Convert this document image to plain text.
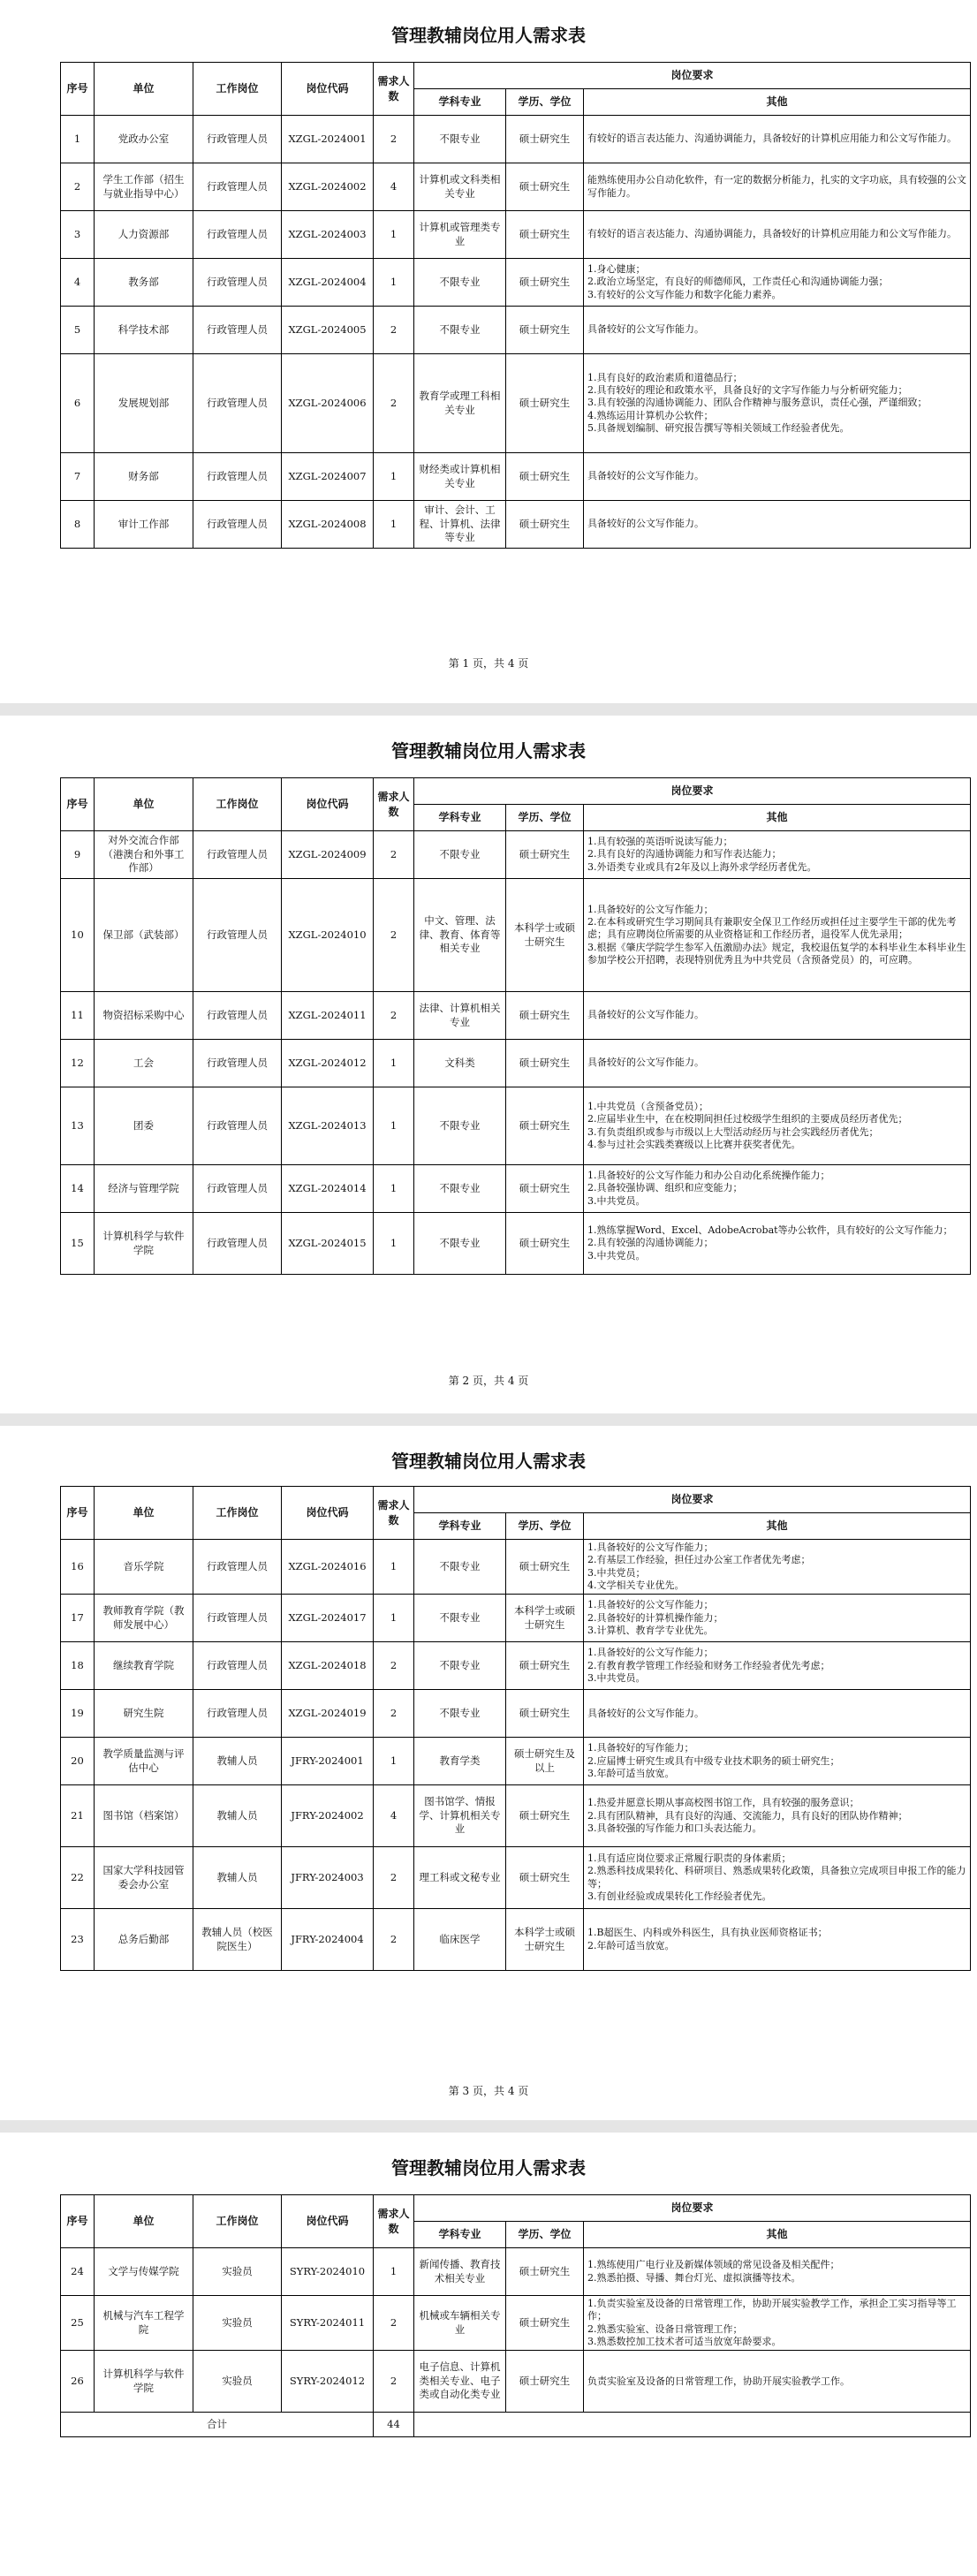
管理教辅岗位用人需求表
序号	单位	工作岗位	岗位代码	需求人数	岗位要求		
					学科专业	学历、学位	其他
1	党政办公室	行政管理人员	XZGL-2024001	2	不限专业	硕士研究生	有较好的语言表达能力、沟通协调能力，具备较好的计算机应用能力和公文写作能力。
2	学生工作部（招生与就业指导中心）	行政管理人员	XZGL-2024002	4	计算机或文科类相关专业	硕士研究生	能熟练使用办公自动化软件，有一定的数据分析能力，扎实的文字功底，具有较强的公文写作能力。
3	人力资源部	行政管理人员	XZGL-2024003	1	计算机或管理类专业	硕士研究生	有较好的语言表达能力、沟通协调能力，具备较好的计算机应用能力和公文写作能力。
4	教务部	行政管理人员	XZGL-2024004	1	不限专业	硕士研究生	1.身心健康；
2.政治立场坚定，有良好的师德师风，工作责任心和沟通协调能力强；
3.有较好的公文写作能力和数字化能力素养。
5	科学技术部	行政管理人员	XZGL-2024005	2	不限专业	硕士研究生	具备较好的公文写作能力。
6	发展规划部	行政管理人员	XZGL-2024006	2	教育学或理工科相关专业	硕士研究生	1.具有良好的政治素质和道德品行；
2.具有较好的理论和政策水平，具备良好的文字写作能力与分析研究能力；
3.具有较强的沟通协调能力、团队合作精神与服务意识，责任心强，严谨细致；
4.熟练运用计算机办公软件；
5.具备规划编制、研究报告撰写等相关领域工作经验者优先。
7	财务部	行政管理人员	XZGL-2024007	1	财经类或计算机相关专业	硕士研究生	具备较好的公文写作能力。
8	审计工作部	行政管理人员	XZGL-2024008	1	审计、会计、工程、计算机、法律等专业	硕士研究生	具备较好的公文写作能力。
第 1 页，共 4 页
管理教辅岗位用人需求表
序号	单位	工作岗位	岗位代码	需求人数	岗位要求		
					学科专业	学历、学位	其他
9	对外交流合作部（港澳台和外事工作部）	行政管理人员	XZGL-2024009	2	不限专业	硕士研究生	1.具有较强的英语听说读写能力；
2.具有良好的沟通协调能力和写作表达能力；
3.外语类专业或具有2年及以上海外求学经历者优先。
10	保卫部（武装部）	行政管理人员	XZGL-2024010	2	中文、管理、法律、教育、体育等相关专业	本科学士或硕士研究生	1.具备较好的公文写作能力；
2.在本科或研究生学习期间具有兼职安全保卫工作经历或担任过主要学生干部的优先考虑；具有应聘岗位所需要的从业资格证和工作经历者，退役军人优先录用；
3.根据《肇庆学院学生参军入伍激励办法》规定，我校退伍复学的本科毕业生本科毕业生参加学校公开招聘，表现特别优秀且为中共党员（含预备党员）的，可应聘。
11	物资招标采购中心	行政管理人员	XZGL-2024011	2	法律、计算机相关专业	硕士研究生	具备较好的公文写作能力。
12	工会	行政管理人员	XZGL-2024012	1	文科类	硕士研究生	具备较好的公文写作能力。
13	团委	行政管理人员	XZGL-2024013	1	不限专业	硕士研究生	1.中共党员（含预备党员）；
2.应届毕业生中，在在校期间担任过校级学生组织的主要成员经历者优先；
3.有负责组织或参与市级以上大型活动经历与社会实践经历者优先；
4.参与过社会实践类赛级以上比赛并获奖者优先。
14	经济与管理学院	行政管理人员	XZGL-2024014	1	不限专业	硕士研究生	1.具备较好的公文写作能力和办公自动化系统操作能力；
2.具备较强协调、组织和应变能力；
3.中共党员。
15	计算机科学与软件学院	行政管理人员	XZGL-2024015	1	不限专业	硕士研究生	1.熟练掌握Word、Excel、AdobeAcrobat等办公软件，具有较好的公文写作能力；
2.具有较强的沟通协调能力；
3.中共党员。
第 2 页，共 4 页
管理教辅岗位用人需求表
序号	单位	工作岗位	岗位代码	需求人数	岗位要求		
					学科专业	学历、学位	其他
16	音乐学院	行政管理人员	XZGL-2024016	1	不限专业	硕士研究生	1.具备较好的公文写作能力；
2.有基层工作经验，担任过办公室工作者优先考虑；
3.中共党员；
4.文学相关专业优先。
17	教师教育学院（教师发展中心）	行政管理人员	XZGL-2024017	1	不限专业	本科学士或硕士研究生	1.具备较好的公文写作能力；
2.具备较好的计算机操作能力；
3.计算机、教育学专业优先。
18	继续教育学院	行政管理人员	XZGL-2024018	2	不限专业	硕士研究生	1.具备较好的公文写作能力；
2.有教育教学管理工作经验和财务工作经验者优先考虑；
3.中共党员。
19	研究生院	行政管理人员	XZGL-2024019	2	不限专业	硕士研究生	具备较好的公文写作能力。
20	教学质量监测与评估中心	教辅人员	JFRY-2024001	1	教育学类	硕士研究生及以上	1.具备较好的写作能力；
2.应届博士研究生或具有中级专业技术职务的硕士研究生；
3.年龄可适当放宽。
21	图书馆（档案馆）	教辅人员	JFRY-2024002	4	图书馆学、情报学、计算机相关专业	硕士研究生	1.热爱并愿意长期从事高校图书馆工作，具有较强的服务意识；
2.具有团队精神，具有良好的沟通、交流能力，具有良好的团队协作精神；
3.具备较强的写作能力和口头表达能力。
22	国家大学科技园管委会办公室	教辅人员	JFRY-2024003	2	理工科或文秘专业	硕士研究生	1.具有适应岗位要求正常履行职责的身体素质；
2.熟悉科技成果转化、科研项目、熟悉成果转化政策，具备独立完成项目申报工作的能力等；
3.有创业经验或成果转化工作经验者优先。
23	总务后勤部	教辅人员（校医院医生）	JFRY-2024004	2	临床医学	本科学士或硕士研究生	1.B超医生、内科或外科医生，具有执业医师资格证书；
2.年龄可适当放宽。
第 3 页，共 4 页
管理教辅岗位用人需求表
序号	单位	工作岗位	岗位代码	需求人数	岗位要求		
					学科专业	学历、学位	其他
24	文学与传媒学院	实验员	SYRY-2024010	1	新闻传播、教育技术相关专业	硕士研究生	1.熟练使用广电行业及新媒体领域的常见设备及相关配件；
2.熟悉拍摄、导播、舞台灯光、虚拟演播等技术。
25	机械与汽车工程学院	实验员	SYRY-2024011	2	机械或车辆相关专业	硕士研究生	1.负责实验室及设备的日常管理工作，协助开展实验教学工作，承担企工实习指导等工作；
2.熟悉实验室、设备日常管理工作；
3.熟悉数控加工技术者可适当放宽年龄要求。
26	计算机科学与软件学院	实验员	SYRY-2024012	2	电子信息、计算机类相关专业、电子类或自动化类专业	硕士研究生	负责实验室及设备的日常管理工作，协助开展实验教学工作。
合计				44			
